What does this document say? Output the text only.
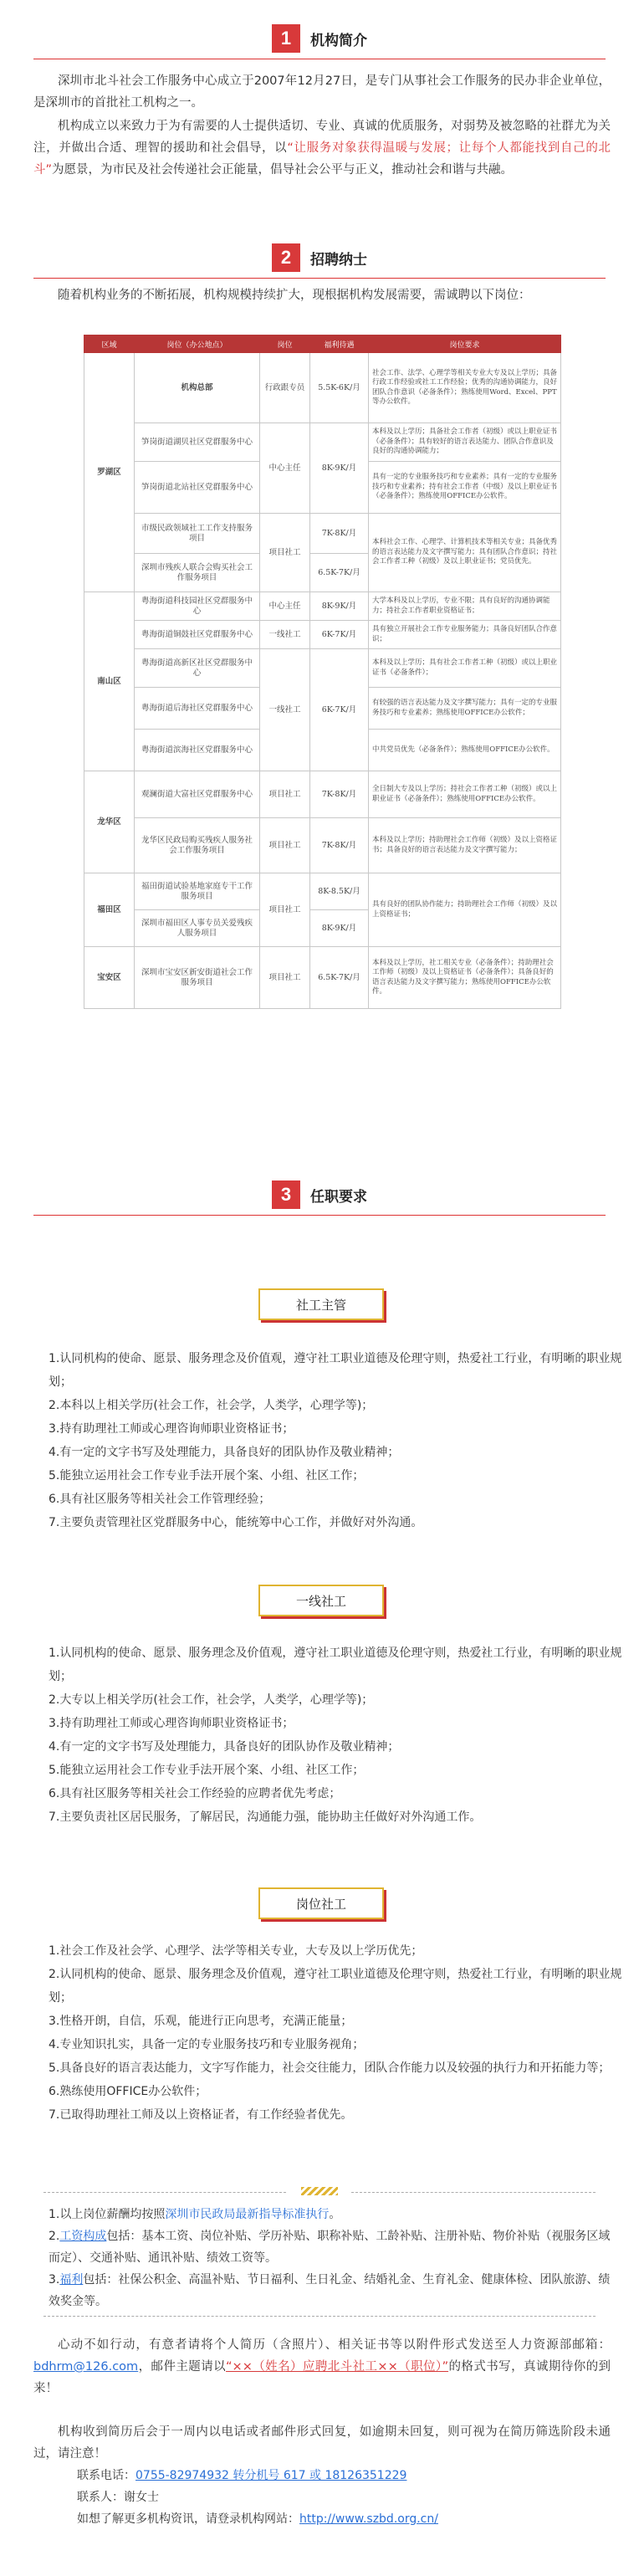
1	机构简介

深圳市北斗社会工作服务中心成立于2007年12月27日，是专门从事社会工作服务的民办非企业单位，是深圳市的首批社工机构之一。

机构成立以来致力于为有需要的人士提供适切、专业、真诚的优质服务，对弱势及被忽略的社群尤为关注，并做出合适、理智的援助和社会倡导，以“让服务对象获得温暖与发展；让每个人都能找到自己的北斗”为愿景，为市民及社会传递社会正能量，倡导社会公平与正义，推动社会和谐与共融。

2	招聘纳士

随着机构业务的不断拓展，机构规模持续扩大，现根据机构发展需要，需诚聘以下岗位：

区域	岗位（办公地点）	岗位	福利待遇	岗位要求
罗湖区	机构总部	行政跟专员	5.5K-6K/月	社会工作、法学、心理学等相关专业大专及以上学历；具备行政工作经验或社工工作经验；优秀的沟通协调能力，良好团队合作意识（必备条件）；熟练使用Word、Excel、PPT等办公软件。
	笋岗街道湖贝社区党群服务中心	中心主任	8K-9K/月	本科及以上学历；具备社会工作者（初级）或以上职业证书（必备条件）；具有较好的语言表达能力、团队合作意识及良好的沟通协调能力；
	笋岗街道北站社区党群服务中心			具有一定的专业服务技巧和专业素养；具有一定的专业服务技巧和专业素养；持有社会工作者（中级）及以上职业证书（必备条件）；熟练使用OFFICE办公软件。
	市级民政领域社工工作支持服务项目	项目社工	7K-8K/月	本科社会工作、心理学、计算机技术等相关专业；具备优秀的语言表达能力及文字撰写能力；具有团队合作意识；持社会工作者工种（初级）及以上职业证书；党员优先。
	深圳市残疾人联合会购买社会工作服务项目		6.5K-7K/月	
南山区	粤海街道科技园社区党群服务中心	中心主任	8K-9K/月	大学本科及以上学历，专业不限；具有良好的沟通协调能力；持社会工作者职业资格证书；
	粤海街道铜鼓社区党群服务中心	一线社工	6K-7K/月	具有独立开展社会工作专业服务能力；具备良好团队合作意识；
	粤海街道高新区社区党群服务中心	一线社工	6K-7K/月	本科及以上学历；具有社会工作者工种（初级）或以上职业证书（必备条件）；
	粤海街道后海社区党群服务中心			有较强的语言表达能力及文字撰写能力；具有一定的专业服务技巧和专业素养；熟练使用OFFICE办公软件；
	粤海街道滨海社区党群服务中心			中共党员优先（必备条件）；熟练使用OFFICE办公软件。
龙华区	观澜街道大富社区党群服务中心	项目社工	7K-8K/月	全日制大专及以上学历；持社会工作者工种（初级）或以上职业证书（必备条件）；熟练使用OFFICE办公软件。
	龙华区民政局购买残疾人服务社会工作服务项目	项目社工	7K-8K/月	本科及以上学历；持助理社会工作师（初级）及以上资格证书；具备良好的语言表达能力及文字撰写能力；
福田区	福田街道试验基地家庭专干工作服务项目	项目社工	8K-8.5K/月	具有良好的团队协作能力；持助理社会工作师（初级）及以上资格证书；
	深圳市福田区人事专员关爱残疾人服务项目		8K-9K/月	
宝安区	深圳市宝安区新安街道社会工作服务项目	项目社工	6.5K-7K/月	本科及以上学历，社工相关专业（必备条件）；持助理社会工作师（初级）及以上资格证书（必备条件）；具备良好的语言表达能力及文字撰写能力；熟练使用OFFICE办公软件。
3	任职要求
社工主管
1.认同机构的使命、愿景、服务理念及价值观，遵守社工职业道德及伦理守则，热爱社工行业，有明晰的职业规划；
2.本科以上相关学历(社会工作，社会学，人类学，心理学等)；
3.持有助理社工师或心理咨询师职业资格证书；
4.有一定的文字书写及处理能力，具备良好的团队协作及敬业精神；
5.能独立运用社会工作专业手法开展个案、小组、社区工作；
6.具有社区服务等相关社会工作管理经验；
7.主要负责管理社区党群服务中心，能统筹中心工作，并做好对外沟通。
一线社工
1.认同机构的使命、愿景、服务理念及价值观，遵守社工职业道德及伦理守则，热爱社工行业，有明晰的职业规划；
2.大专以上相关学历(社会工作，社会学，人类学，心理学等)；
3.持有助理社工师或心理咨询师职业资格证书；
4.有一定的文字书写及处理能力，具备良好的团队协作及敬业精神；
5.能独立运用社会工作专业手法开展个案、小组、社区工作；
6.具有社区服务等相关社会工作经验的应聘者优先考虑；
7.主要负责社区居民服务，了解居民，沟通能力强，能协助主任做好对外沟通工作。
岗位社工
1.社会工作及社会学、心理学、法学等相关专业，大专及以上学历优先；
2.认同机构的使命、愿景、服务理念及价值观，遵守社工职业道德及伦理守则，热爱社工行业，有明晰的职业规划；
3.性格开朗，自信，乐观，能进行正向思考，充满正能量；
4.专业知识扎实，具备一定的专业服务技巧和专业服务视角；
5.具备良好的语言表达能力，文字写作能力，社会交往能力，团队合作能力以及较强的执行力和开拓能力等；
6.熟练使用OFFICE办公软件；
7.已取得助理社工师及以上资格证者，有工作经验者优先。
1.以上岗位薪酬均按照深圳市民政局最新指导标准执行。
2.工资构成包括：基本工资、岗位补贴、学历补贴、职称补贴、工龄补贴、注册补贴、物价补贴（视服务区域而定）、交通补贴、通讯补贴、绩效工资等。
3.福利包括：社保公积金、高温补贴、节日福利、生日礼金、结婚礼金、生育礼金、健康体检、团队旅游、绩效奖金等。

心动不如行动，有意者请将个人简历（含照片）、相关证书等以附件形式发送至人力资源部邮箱：bdhrm@126.com，邮件主题请以“××（姓名）应聘北斗社工××（职位）”的格式书写，真诚期待你的到来！

机构收到简历后会于一周内以电话或者邮件形式回复，如逾期未回复，则可视为在简历筛选阶段未通过，请注意！

联系电话：0755-82974932 转分机号 617 或 18126351229

联系人：谢女士

如想了解更多机构资讯，请登录机构网站：http://www.szbd.org.cn/
